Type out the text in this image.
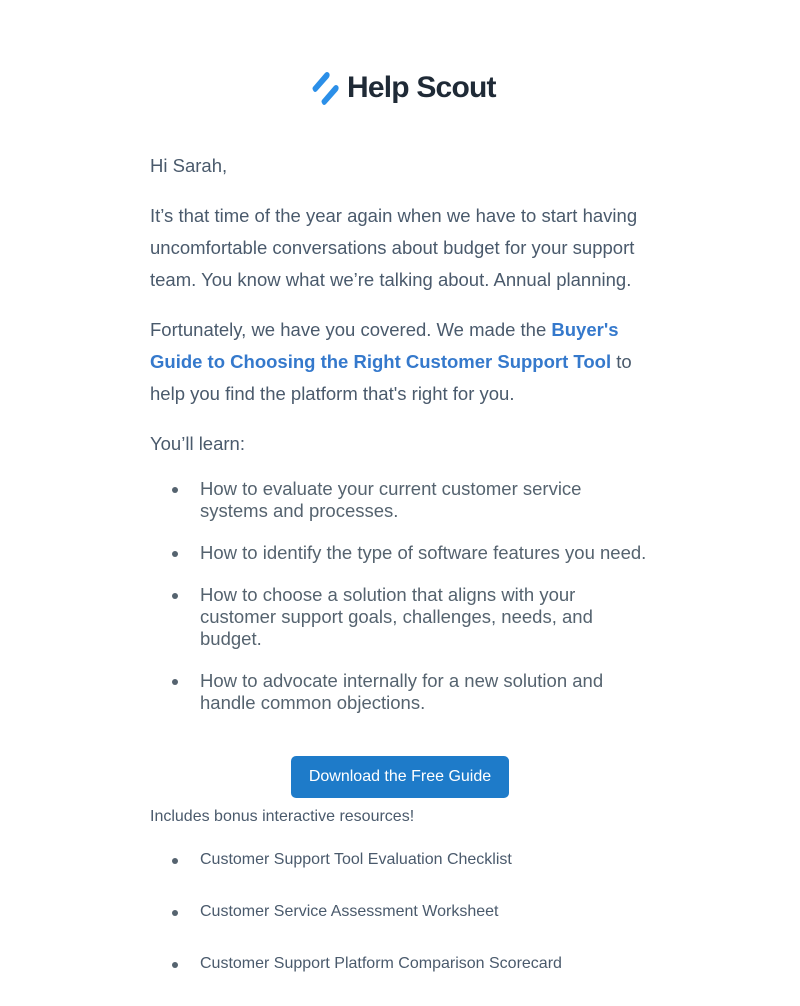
Help Scout

Hi Sarah,

It’s that time of the year again when we have to start having uncomfortable conversations about budget for your support team. You know what we’re talking about. Annual planning.

Fortunately, we have you covered. We made the Buyer's Guide to Choosing the Right Customer Support Tool to help you find the platform that's right for you.

You’ll learn:

How to evaluate your current customer service systems and processes.
How to identify the type of software features you need.
How to choose a solution that aligns with your customer support goals, challenges, needs, and budget.
How to advocate internally for a new solution and handle common objections.
Download the Free Guide
Includes bonus interactive resources!
Customer Support Tool Evaluation Checklist
Customer Service Assessment Worksheet
Customer Support Platform Comparison Scorecard
